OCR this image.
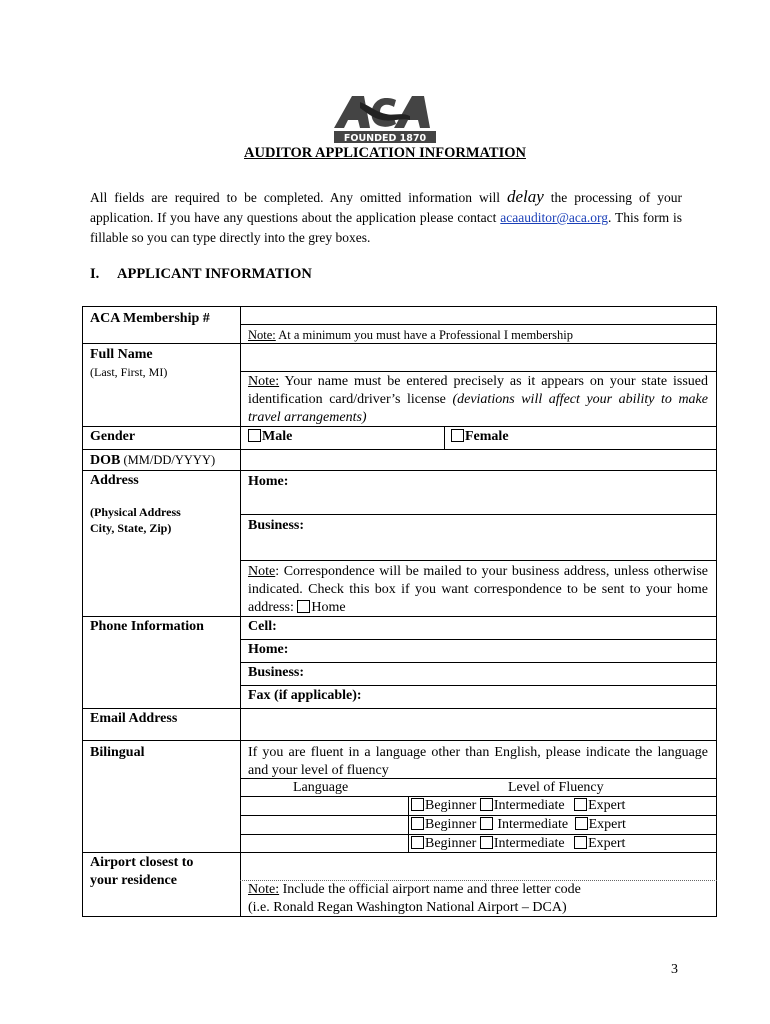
FOUNDED 1870
AUDITOR APPLICATION INFORMATION
All fields are required to be completed. Any omitted information will delay the processing of your application. If you have any questions about the application please contact acaauditor@aca.org. This form is fillable so you can type directly into the grey boxes.
I. APPLICANT INFORMATION
ACA Membership #
Note: At a minimum you must have a Professional I membership
Full Name
(Last, First, MI)
Note: Your name must be entered precisely as it appears on your state issued identification card/driver’s license (deviations will affect your ability to make travel arrangements)
Gender	Male	Female
DOB (MM/DD/YYYY)
Address
(Physical Address
City, State, Zip)
Home:
Business:
Note: Correspondence will be mailed to your business address, unless otherwise indicated. Check this box if you want correspondence to be sent to your home address: Home
Phone Information	Cell:
Home:
Business:
Fax (if applicable):
Email Address
Bilingual	If you are fluent in a language other than English, please indicate the language and your level of fluency
Language	Level of Fluency
Beginner Intermediate Expert
Beginner  Intermediate Expert
Beginner Intermediate Expert
Airport closest to
your residence
Note: Include the official airport name and three letter code
(i.e. Ronald Regan Washington National Airport – DCA)
3
